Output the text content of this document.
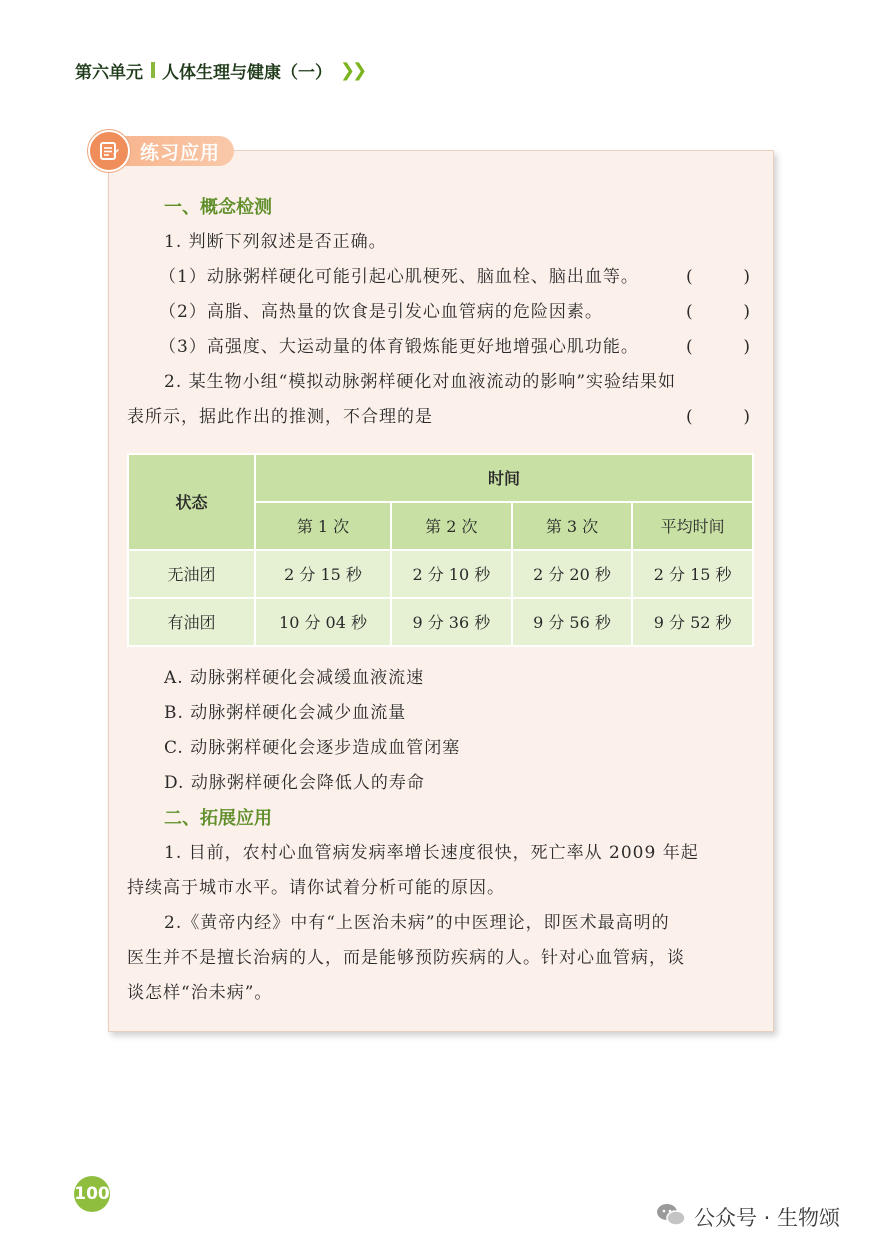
第六单元 人体生理与健康（一） ❯❯
练习应用
一、概念检测
1. 判断下列叙述是否正确。
（1）动脉粥样硬化可能引起心肌梗死、脑血栓、脑出血等。	(	)
（2）高脂、高热量的饮食是引发心血管病的危险因素。	(	)
（3）高强度、大运动量的体育锻炼能更好地增强心肌功能。	(	)
2. 某生物小组“模拟动脉粥样硬化对血液流动的影响”实验结果如
表所示，据此作出的推测，不合理的是	(	)
状态	时间			
	第 1 次	第 2 次	第 3 次	平均时间
无油团	2 分 15 秒	2 分 10 秒	2 分 20 秒	2 分 15 秒
有油团	10 分 04 秒	9 分 36 秒	9 分 56 秒	9 分 52 秒
A. 动脉粥样硬化会减缓血液流速
B. 动脉粥样硬化会减少血流量
C. 动脉粥样硬化会逐步造成血管闭塞
D. 动脉粥样硬化会降低人的寿命
二、拓展应用
1. 目前，农村心血管病发病率增长速度很快，死亡率从 2009 年起
持续高于城市水平。请你试着分析可能的原因。
2.《黄帝内经》中有“上医治未病”的中医理论，即医术最高明的
医生并不是擅长治病的人，而是能够预防疾病的人。针对心血管病，谈
谈怎样“治未病”。
100
公众号 · 生物颂
